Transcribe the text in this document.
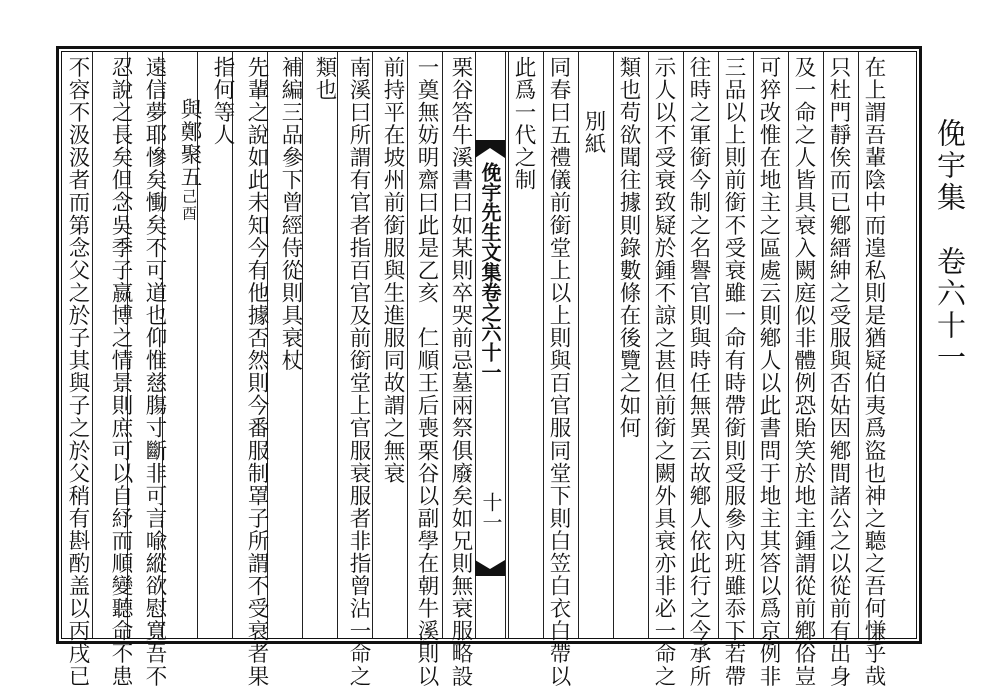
俛宇集　卷六十一
在上謂吾輩陰中而遑私則是猶疑伯夷爲盜也神之聽之吾何慊乎哉
只杜門靜俟而已鄕縉紳之受服與否姑因鄕間諸公之以從前有出身
及一命之人皆具衰入闕庭似非體例恐貽笑於地主鍾謂從前鄕俗豈
可猝改惟在地主之區處云則鄕人以此書問于地主其答以爲京例非
三品以上則前銜不受衰雖一命有時帶銜則受服參內班雖忝下若帶
往時之軍銜今制之名譽官則與時任無異云故鄕人依此行之今承所
示人以不受衰致疑於鍾不諒之甚但前銜之闕外具衰亦非必一命之
類也苟欲聞往據則錄數條在後覽之如何
別紙
同春曰五禮儀前銜堂上以上則與百官服同堂下則白笠白衣白帶以
此爲一代之制
俛宇先生文集卷之六十一
十一
栗谷答牛溪書曰如某則卒哭前忌墓兩祭俱廢矣如兄則無衰服略設
一奠無妨明齋曰此是乙亥　仁順王后喪栗谷以副學在朝牛溪則以
前持平在坡州前銜服與生進服同故謂之無衰
南溪曰所謂有官者指百官及前銜堂上官服衰服者非指曾沾一命之
類也
補編三品參下曾經侍從則具衰杖
先輩之說如此未知今有他據否然則今番服制罩子所謂不受衰者果
指何等人
與鄭聚五己酉
遠信夢耶慘矣慟矣不可道也仰惟慈膓寸斷非可言喩縱欲慰寬吾不
忍說之長矣但念吳季子嬴博之情景則庶可以自紓而順變聽命不患
不容不汲汲者而第念父之於子其與子之於父稍有斟酌盖以丙戌已
